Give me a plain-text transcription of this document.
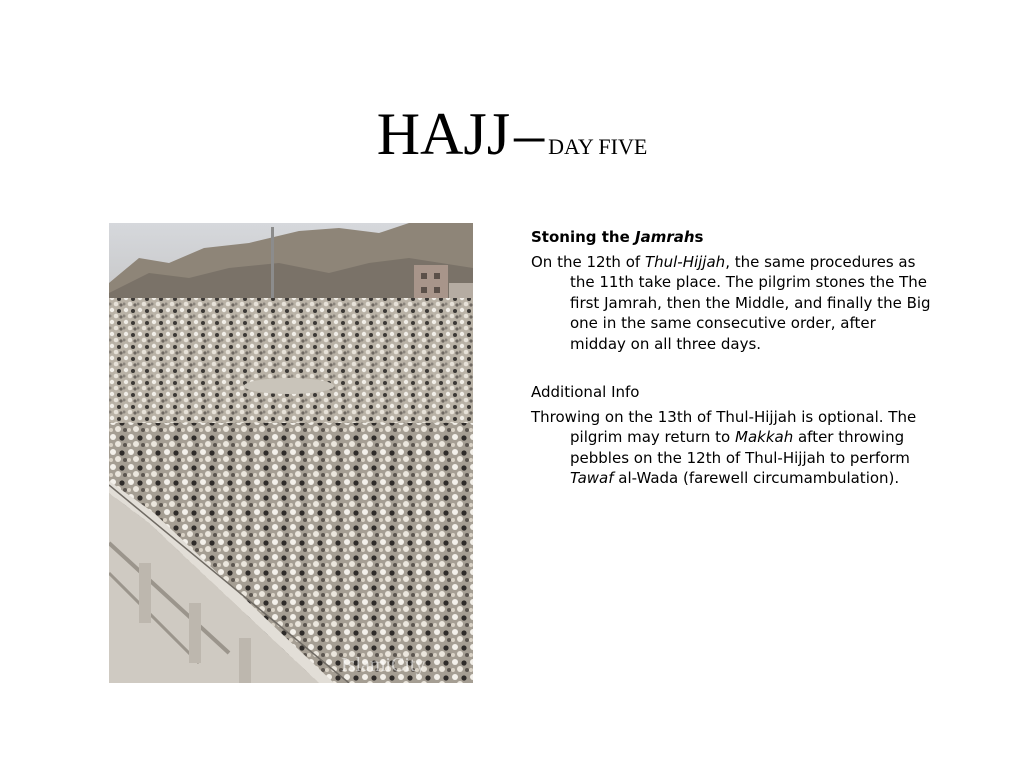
HAJJ – DAY FIVE
IslamiCity
Stoning the Jamrahs
On the 12th of Thul-Hijjah, the same procedures as the 11th take place. The pilgrim stones the The first Jamrah, then the Middle, and finally the Big one in the same consecutive order, after midday on all three days.
Additional Info
Throwing on the 13th of Thul-Hijjah is optional. The pilgrim may return to Makkah after throwing pebbles on the 12th of Thul-Hijjah to perform Tawaf al-Wada (farewell circumambulation).
